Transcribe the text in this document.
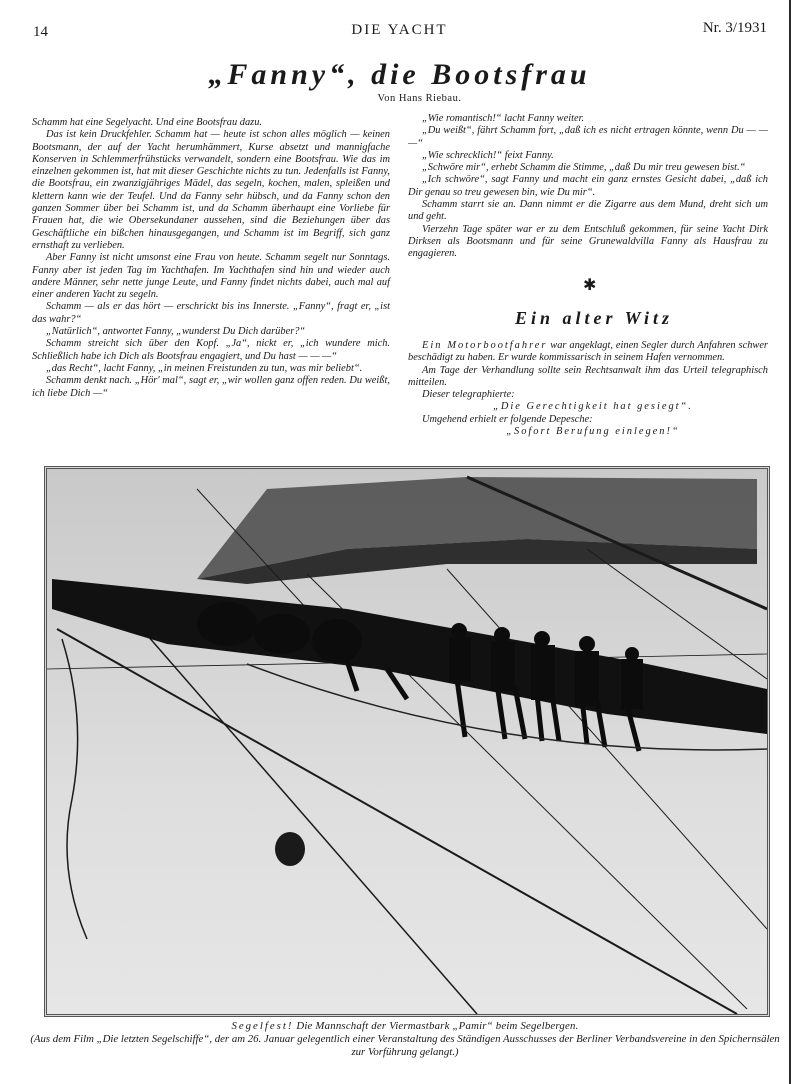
14	DIE YACHT	Nr. 3/1931
„Fanny“, die Bootsfrau
Von Hans Riebau.

Schamm hat eine Segelyacht. Und eine Bootsfrau dazu.

Das ist kein Druckfehler. Schamm hat — heute ist schon alles möglich — keinen Bootsmann, der auf der Yacht herumhämmert, Kurse absetzt und mannigfache Konserven in Schlemmerfrühstücks verwandelt, sondern eine Bootsfrau. Wie das im einzelnen gekommen ist, hat mit dieser Geschichte nichts zu tun. Jedenfalls ist Fanny, die Bootsfrau, ein zwanzigjähriges Mädel, das segeln, kochen, malen, spleißen und klettern kann wie der Teufel. Und da Fanny sehr hübsch, und da Fanny schon den ganzen Sommer über bei Schamm ist, und da Schamm überhaupt eine Vorliebe für Frauen hat, die wie Obersekundaner aussehen, sind die Beziehungen über das Geschäftliche ein bißchen hinausgegangen, und Schamm ist im Begriff, sich ganz ernsthaft zu verlieben.

Aber Fanny ist nicht umsonst eine Frau von heute. Schamm segelt nur Sonntags. Fanny aber ist jeden Tag im Yachthafen. Im Yachthafen sind hin und wieder auch andere Männer, sehr nette junge Leute, und Fanny findet nichts dabei, auch mal auf einer anderen Yacht zu segeln.

Schamm — als er das hört — erschrickt bis ins Innerste. „Fanny“, fragt er, „ist das wahr?“

„Natürlich“, antwortet Fanny, „wunderst Du Dich darüber?“

Schamm streicht sich über den Kopf. „Ja“, nickt er, „ich wundere mich. Schließlich habe ich Dich als Bootsfrau engagiert, und Du hast — — —“

„das Recht“, lacht Fanny, „in meinen Freistunden zu tun, was mir beliebt“.

Schamm denkt nach. „Hör' mal“, sagt er, „wir wollen ganz offen reden. Du weißt, ich liebe Dich —“

„Wie romantisch!“ lacht Fanny weiter.

„Du weißt“, fährt Schamm fort, „daß ich es nicht ertragen könnte, wenn Du — — —“

„Wie schrecklich!“ feixt Fanny.

„Schwöre mir“, erhebt Schamm die Stimme, „daß Du mir treu gewesen bist.“

„Ich schwöre“, sagt Fanny und macht ein ganz ernstes Gesicht dabei, „daß ich Dir genau so treu gewesen bin, wie Du mir“.

Schamm starrt sie an. Dann nimmt er die Zigarre aus dem Mund, dreht sich um und geht.

Vierzehn Tage später war er zu dem Entschluß gekommen, für seine Yacht Dirk Dirksen als Bootsmann und für seine Grunewaldvilla Fanny als Hausfrau zu engagieren.

✱
Ein alter Witz

Ein Motorbootfahrer war angeklagt, einen Segler durch Anfahren schwer beschädigt zu haben. Er wurde kommissarisch in seinem Hafen vernommen.

Am Tage der Verhandlung sollte sein Rechtsanwalt ihm das Urteil telegraphisch mitteilen.

Dieser telegraphierte:

„Die Gerechtigkeit hat gesiegt“.

Umgehend erhielt er folgende Depesche:

„Sofort Berufung einlegen!“

Segelfest! Die Mannschaft der Viermastbark „Pamir“ beim Segelbergen.
(Aus dem Film „Die letzten Segelschiffe“, der am 26. Januar gelegentlich einer Veranstaltung des Ständigen Ausschusses der Berliner Verbandsvereine in den Spichernsälen zur Vorführung gelangt.)
